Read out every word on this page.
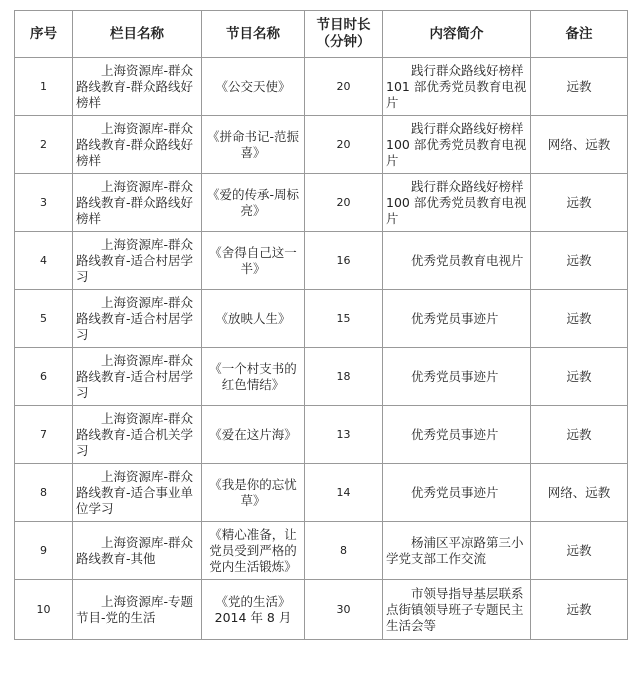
序号	栏目名称	节目名称	节目时长（分钟）	内容简介	备注
1	上海资源库-群众路线教育-群众路线好榜样	《公交天使》	20	践行群众路线好榜样 101 部优秀党员教育电视片	远教
2	上海资源库-群众路线教育-群众路线好榜样	《拼命书记-范振喜》	20	践行群众路线好榜样 100 部优秀党员教育电视片	网络、远教
3	上海资源库-群众路线教育-群众路线好榜样	《爱的传承-周标亮》	20	践行群众路线好榜样 100 部优秀党员教育电视片	远教
4	上海资源库-群众路线教育-适合村居学习	《舍得自己这一半》	16	优秀党员教育电视片	远教
5	上海资源库-群众路线教育-适合村居学习	《放映人生》	15	优秀党员事迹片	远教
6	上海资源库-群众路线教育-适合村居学习	《一个村支书的红色情结》	18	优秀党员事迹片	远教
7	上海资源库-群众路线教育-适合机关学习	《爱在这片海》	13	优秀党员事迹片	远教
8	上海资源库-群众路线教育-适合事业单位学习	《我是你的忘忧草》	14	优秀党员事迹片	网络、远教
9	上海资源库-群众路线教育-其他	《精心准备，让党员受到严格的党内生活锻炼》	8	杨浦区平凉路第三小学党支部工作交流	远教
10	上海资源库-专题节目-党的生活	《党的生活》2014 年 8 月	30	市领导指导基层联系点街镇领导班子专题民主生活会等	远教
